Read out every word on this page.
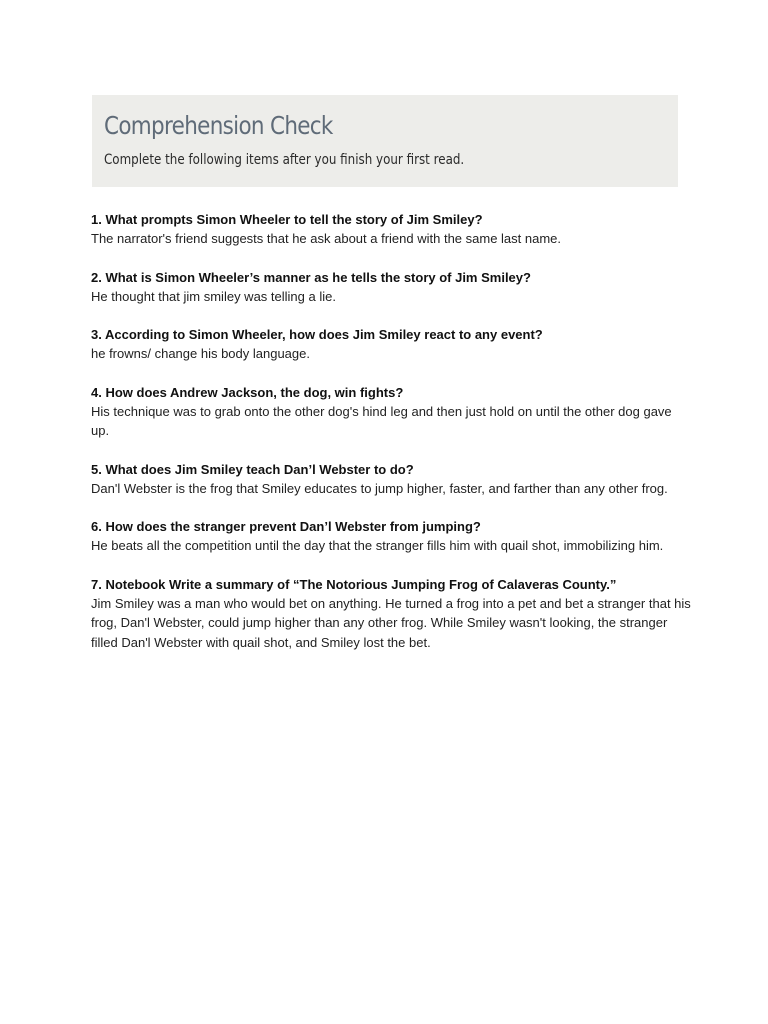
Comprehension Check
Complete the following items after you finish your first read.
1. What prompts Simon Wheeler to tell the story of Jim Smiley?
The narrator's friend suggests that he ask about a friend with the same last name.
2. What is Simon Wheeler’s manner as he tells the story of Jim Smiley?
He thought that jim smiley was telling a lie.
3. According to Simon Wheeler, how does Jim Smiley react to any event?
he frowns/ change his body language.
4. How does Andrew Jackson, the dog, win fights?
His technique was to grab onto the other dog's hind leg and then just hold on until the other dog gave up.
5. What does Jim Smiley teach Dan’l Webster to do?
Dan'l Webster is the frog that Smiley educates to jump higher, faster, and farther than any other frog.
6. How does the stranger prevent Dan’l Webster from jumping?
He beats all the competition until the day that the stranger fills him with quail shot, immobilizing him.
7. Notebook Write a summary of “The Notorious Jumping Frog of Calaveras County.”
Jim Smiley was a man who would bet on anything. He turned a frog into a pet and bet a stranger that his frog, Dan'l Webster, could jump higher than any other frog. While Smiley wasn't looking, the stranger filled Dan'l Webster with quail shot, and Smiley lost the bet.
